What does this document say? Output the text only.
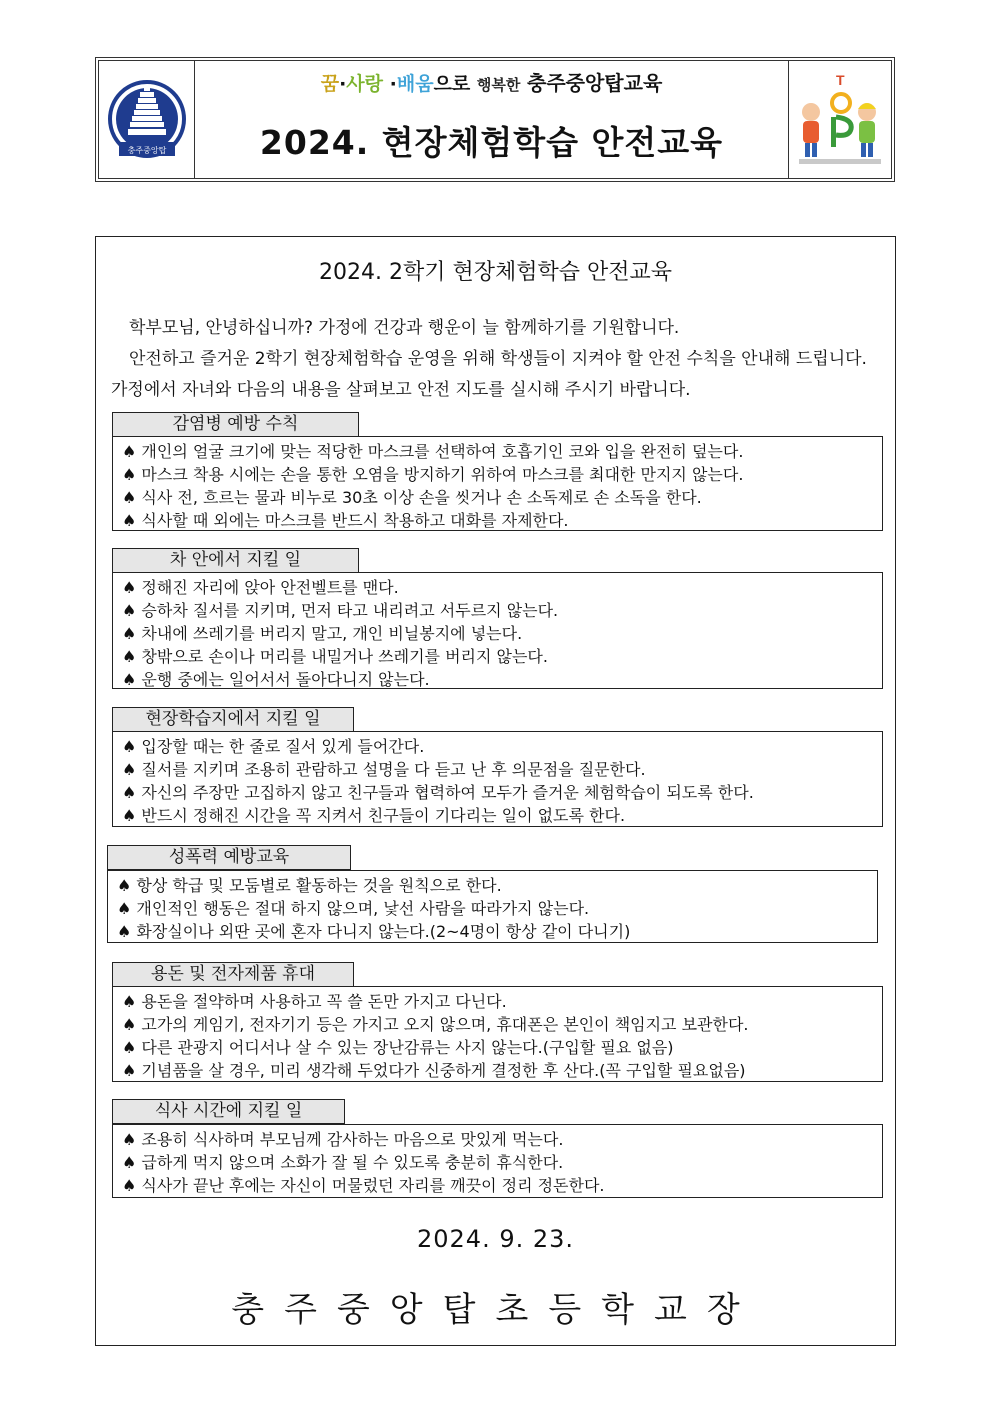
충주중앙탑
꿈·사랑 ·배움으로 행복한 충주중앙탑교육
2024. 현장체험학습 안전교육
T
2024. 2학기 현장체험학습 안전교육

학부모님, 안녕하십니까? 가정에 건강과 행운이 늘 함께하기를 기원합니다.

안전하고 즐거운 2학기 현장체험학습 운영을 위해 학생들이 지켜야 할 안전 수칙을 안내해 드립니다. 가정에서 자녀와 다음의 내용을 살펴보고 안전 지도를 실시해 주시기 바랍니다.

감염병 예방 수칙
♠ 개인의 얼굴 크기에 맞는 적당한 마스크를 선택하여 호흡기인 코와 입을 완전히 덮는다.
♠ 마스크 착용 시에는 손을 통한 오염을 방지하기 위하여 마스크를 최대한 만지지 않는다.
♠ 식사 전, 흐르는 물과 비누로 30초 이상 손을 씻거나 손 소독제로 손 소독을 한다.
♠ 식사할 때 외에는 마스크를 반드시 착용하고 대화를 자제한다.
차 안에서 지킬 일
♠ 정해진 자리에 앉아 안전벨트를 맨다.
♠ 승하차 질서를 지키며, 먼저 타고 내리려고 서두르지 않는다.
♠ 차내에 쓰레기를 버리지 말고, 개인 비닐봉지에 넣는다.
♠ 창밖으로 손이나 머리를 내밀거나 쓰레기를 버리지 않는다.
♠ 운행 중에는 일어서서 돌아다니지 않는다.
현장학습지에서 지킬 일
♠ 입장할 때는 한 줄로 질서 있게 들어간다.
♠ 질서를 지키며 조용히 관람하고 설명을 다 듣고 난 후 의문점을 질문한다.
♠ 자신의 주장만 고집하지 않고 친구들과 협력하여 모두가 즐거운 체험학습이 되도록 한다.
♠ 반드시 정해진 시간을 꼭 지켜서 친구들이 기다리는 일이 없도록 한다.
성폭력 예방교육
♠ 항상 학급 및 모둠별로 활동하는 것을 원칙으로 한다.
♠ 개인적인 행동은 절대 하지 않으며, 낯선 사람을 따라가지 않는다.
♠ 화장실이나 외딴 곳에 혼자 다니지 않는다.(2~4명이 항상 같이 다니기)
용돈 및 전자제품 휴대
♠ 용돈을 절약하며 사용하고 꼭 쓸 돈만 가지고 다닌다.
♠ 고가의 게임기, 전자기기 등은 가지고 오지 않으며, 휴대폰은 본인이 책임지고 보관한다.
♠ 다른 관광지 어디서나 살 수 있는 장난감류는 사지 않는다.(구입할 필요 없음)
♠ 기념품을 살 경우, 미리 생각해 두었다가 신중하게 결정한 후 산다.(꼭 구입할 필요없음)
식사 시간에 지킬 일
♠ 조용히 식사하며 부모님께 감사하는 마음으로 맛있게 먹는다.
♠ 급하게 먹지 않으며 소화가 잘 될 수 있도록 충분히 휴식한다.
♠ 식사가 끝난 후에는 자신이 머물렀던 자리를 깨끗이 정리 정돈한다.
2024. 9. 23.
충주중앙탑초등학교장
